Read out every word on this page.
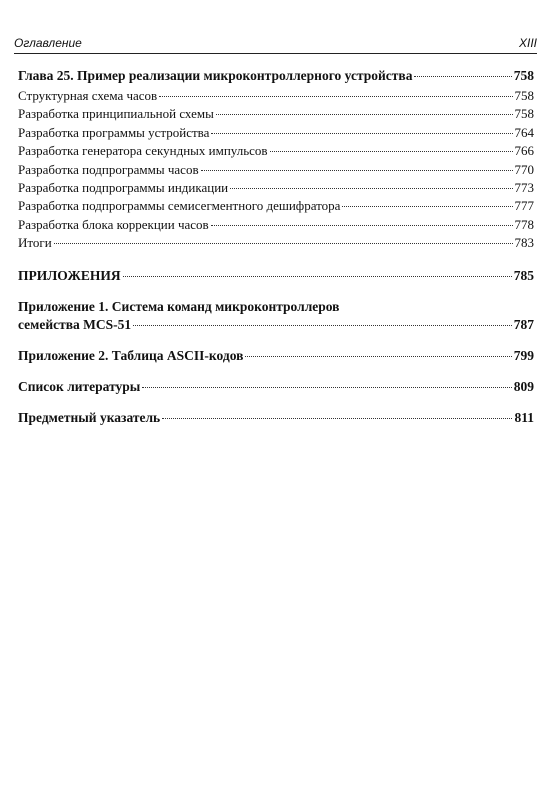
Оглавление	XIII
Глава 25. Пример реализации микроконтроллерного устройства	758
Структурная схема часов	758
Разработка принципиальной схемы	758
Разработка программы устройства	764
Разработка генератора секундных импульсов	766
Разработка подпрограммы часов	770
Разработка подпрограммы индикации	773
Разработка подпрограммы семисегментного дешифратора	777
Разработка блока коррекции часов	778
Итоги	783
ПРИЛОЖЕНИЯ	785
Приложение 1. Система команд микроконтроллеров
семейства MCS-51	787
Приложение 2. Таблица ASCII-кодов	799
Список литературы	809
Предметный указатель	811
